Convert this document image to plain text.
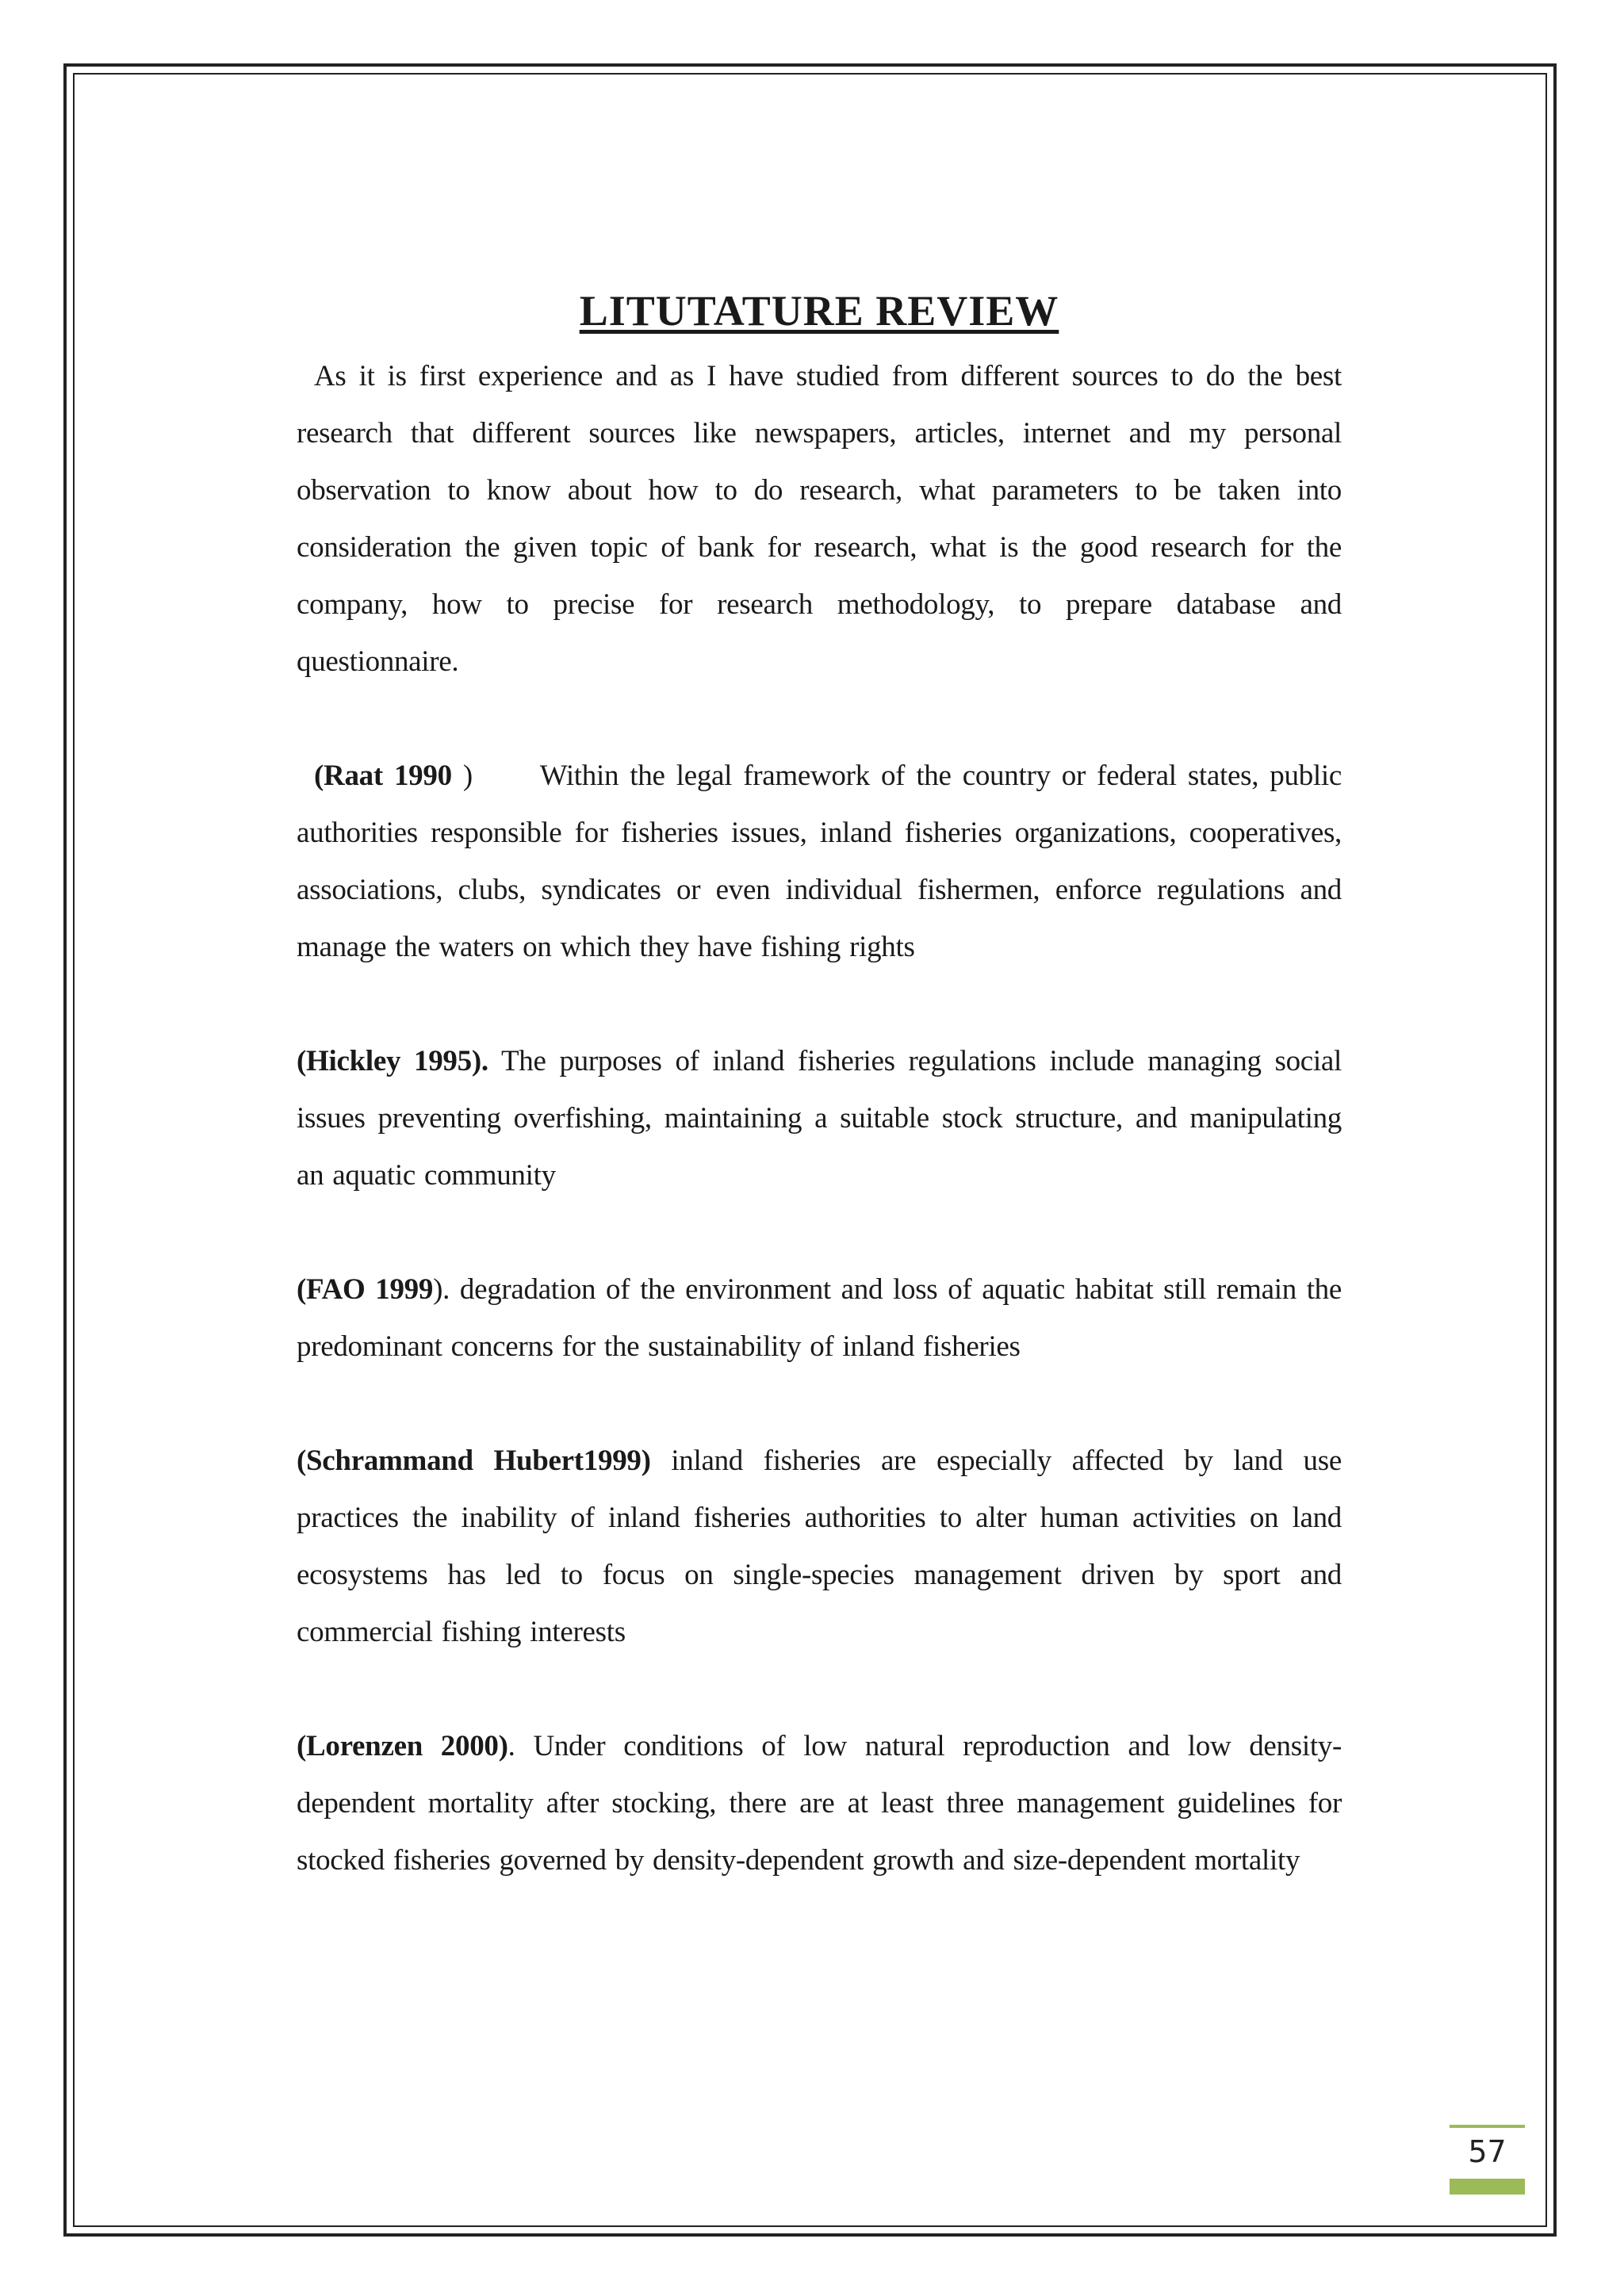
LITUTATURE REVIEW

As it is first experience and as I have studied from different sources to do the best research that different sources like newspapers, articles, internet and my personal observation to know about how to do research, what parameters to be taken into consideration the given topic of bank for research, what is the good research for the company, how to precise for research methodology, to prepare database and questionnaire.

(Raat 1990 ) Within the legal framework of the country or federal states, public authorities responsible for fisheries issues, inland fisheries organizations, cooperatives, associations, clubs, syndicates or even individual fishermen, enforce regulations and manage the waters on which they have fishing rights

(Hickley 1995). The purposes of inland fisheries regulations include managing social issues preventing overfishing, maintaining a suitable stock structure, and manipulating an aquatic community

(FAO 1999). degradation of the environment and loss of aquatic habitat still remain the predominant concerns for the sustainability of inland fisheries

(Schrammand Hubert1999) inland fisheries are especially affected by land use practices the inability of inland fisheries authorities to alter human activities on land ecosystems has led to focus on single-species management driven by sport and commercial fishing interests

(Lorenzen 2000). Under conditions of low natural reproduction and low density-dependent mortality after stocking, there are at least three management guidelines for stocked fisheries governed by density-dependent growth and size-dependent mortality

57
